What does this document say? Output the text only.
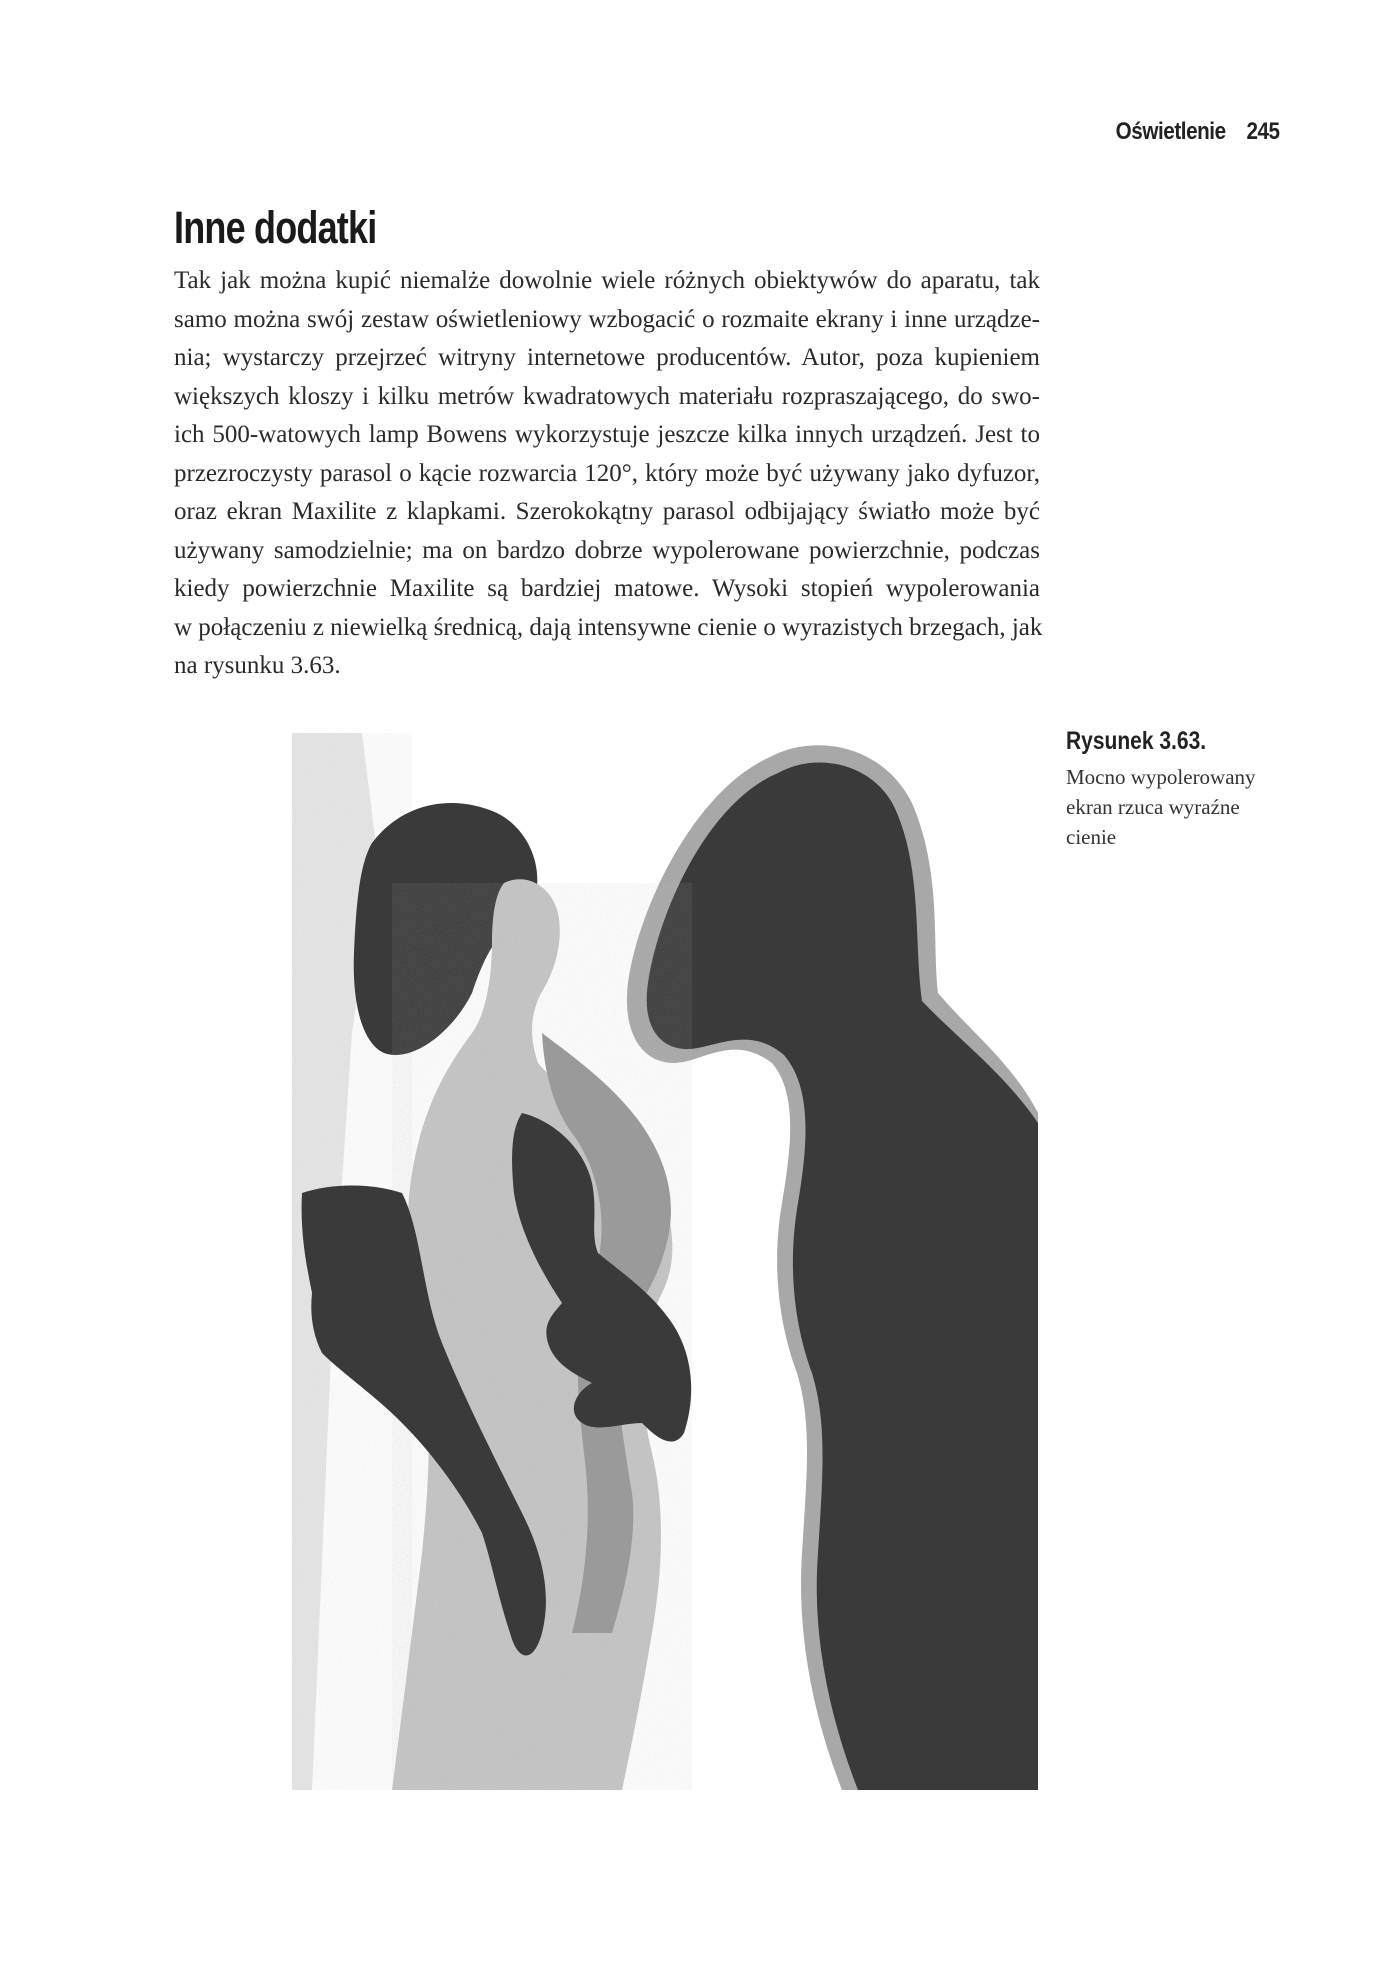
Oświetlenie 245
Inne dodatki

Tak jak można kupić niemalże dowolnie wiele różnych obiektywów do aparatu, tak
samo można swój zestaw oświetleniowy wzbogacić o rozmaite ekrany i inne urządze-
nia; wystarczy przejrzeć witryny internetowe producentów. Autor, poza kupieniem
większych kloszy i kilku metrów kwadratowych materiału rozpraszającego, do swo-
ich 500-watowych lamp Bowens wykorzystuje jeszcze kilka innych urządzeń. Jest to
przezroczysty parasol o kącie rozwarcia 120°, który może być używany jako dyfuzor,
oraz ekran Maxilite z klapkami. Szerokokątny parasol odbijający światło może być
używany samodzielnie; ma on bardzo dobrze wypolerowane powierzchnie, podczas
kiedy powierzchnie Maxilite są bardziej matowe. Wysoki stopień wypolerowania
w połączeniu z niewielką średnicą, dają intensywne cienie o wyrazistych brzegach, jak
na rysunku 3.63.

Rysunek 3.63.
Mocno wypolerowany
ekran rzuca wyraźne
cienie
